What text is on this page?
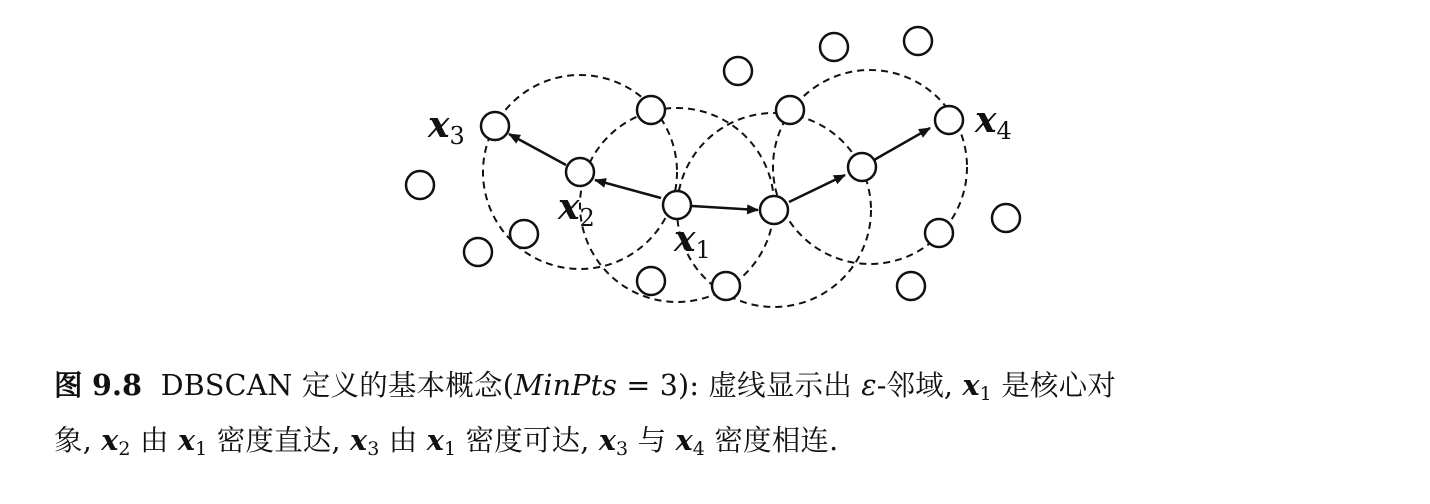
x3
x2 x1
x4
图 9.8 DBSCAN 定义的基本概念(MinPts = 3): 虚线显示出 ε-邻域, $x_1$ 是核心对
象, $x_2$ 由 $x_1$ 密度直达, $x_3$ 由 $x_1$ 密度可达, $x_3$ 与 $x_4$ 密度相连.
